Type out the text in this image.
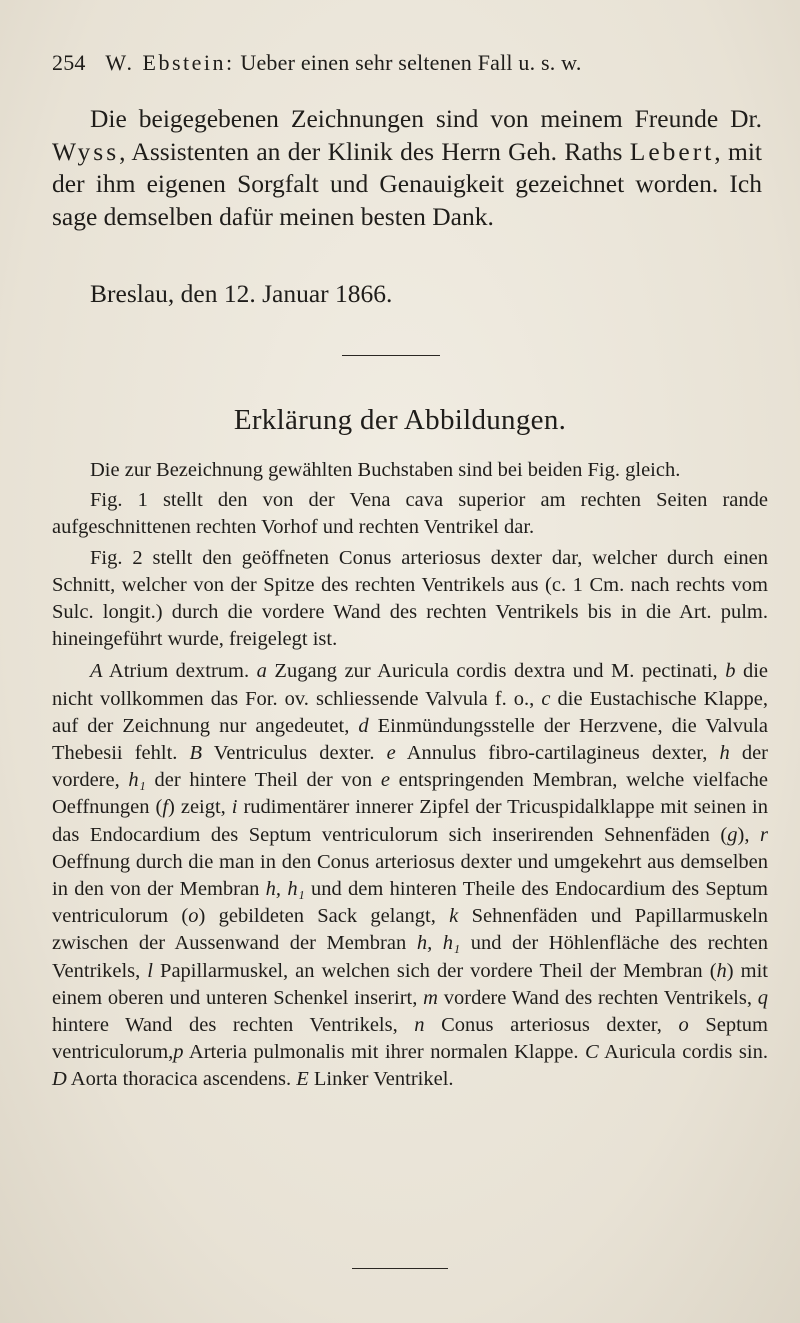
254 W. Ebstein: Ueber einen sehr seltenen Fall u. s. w.
Die beigegebenen Zeichnungen sind von meinem Freunde Dr. Wyss, Assistenten an der Klinik des Herrn Geh. Raths Lebert, mit der ihm eigenen Sorgfalt und Genauigkeit gezeichnet worden. Ich sage demselben dafür meinen besten Dank.
Breslau, den 12. Januar 1866.
Erklärung der Abbildungen.

Die zur Bezeichnung gewählten Buchstaben sind bei beiden Fig. gleich.

Fig. 1 stellt den von der Vena cava superior am rechten Seiten rande aufgeschnittenen rechten Vorhof und rechten Ventrikel dar.

Fig. 2 stellt den geöffneten Conus arteriosus dexter dar, welcher durch einen Schnitt, welcher von der Spitze des rechten Ventrikels aus (c. 1 Cm. nach rechts vom Sulc. longit.) durch die vordere Wand des rechten Ventrikels bis in die Art. pulm. hineingeführt wurde, freigelegt ist.

A Atrium dextrum. a Zugang zur Auricula cordis dextra und M. pectinati, b die nicht vollkommen das For. ov. schliessende Valvula f. o., c die Eustachische Klappe, auf der Zeichnung nur angedeutet, d Einmündungsstelle der Herzvene, die Valvula Thebesii fehlt. B Ventriculus dexter. e Annulus fibro-cartilagineus dexter, h der vordere, h₁ der hintere Theil der von e entspringenden Membran, welche vielfache Oeffnungen (f) zeigt, i rudimentärer innerer Zipfel der Tricuspidalklappe mit seinen in das Endocardium des Septum ventriculorum sich inserirenden Sehnenfäden (g), r Oeffnung durch die man in den Conus arteriosus dexter und umgekehrt aus demselben in den von der Membran h, h₁ und dem hinteren Theile des Endocardium des Septum ventriculorum (o) gebildeten Sack gelangt, k Sehnenfäden und Papillarmuskeln zwischen der Aussenwand der Membran h, h₁ und der Höhlenfläche des rechten Ventrikels, l Papillarmuskel, an welchen sich der vordere Theil der Membran (h) mit einem oberen und unteren Schenkel inserirt, m vordere Wand des rechten Ventrikels, q hintere Wand des rechten Ventrikels, n Conus arteriosus dexter, o Septum ventriculorum,p Arteria pulmonalis mit ihrer normalen Klappe. C Auricula cordis sin. D Aorta thoracica ascendens. E Linker Ventrikel.
